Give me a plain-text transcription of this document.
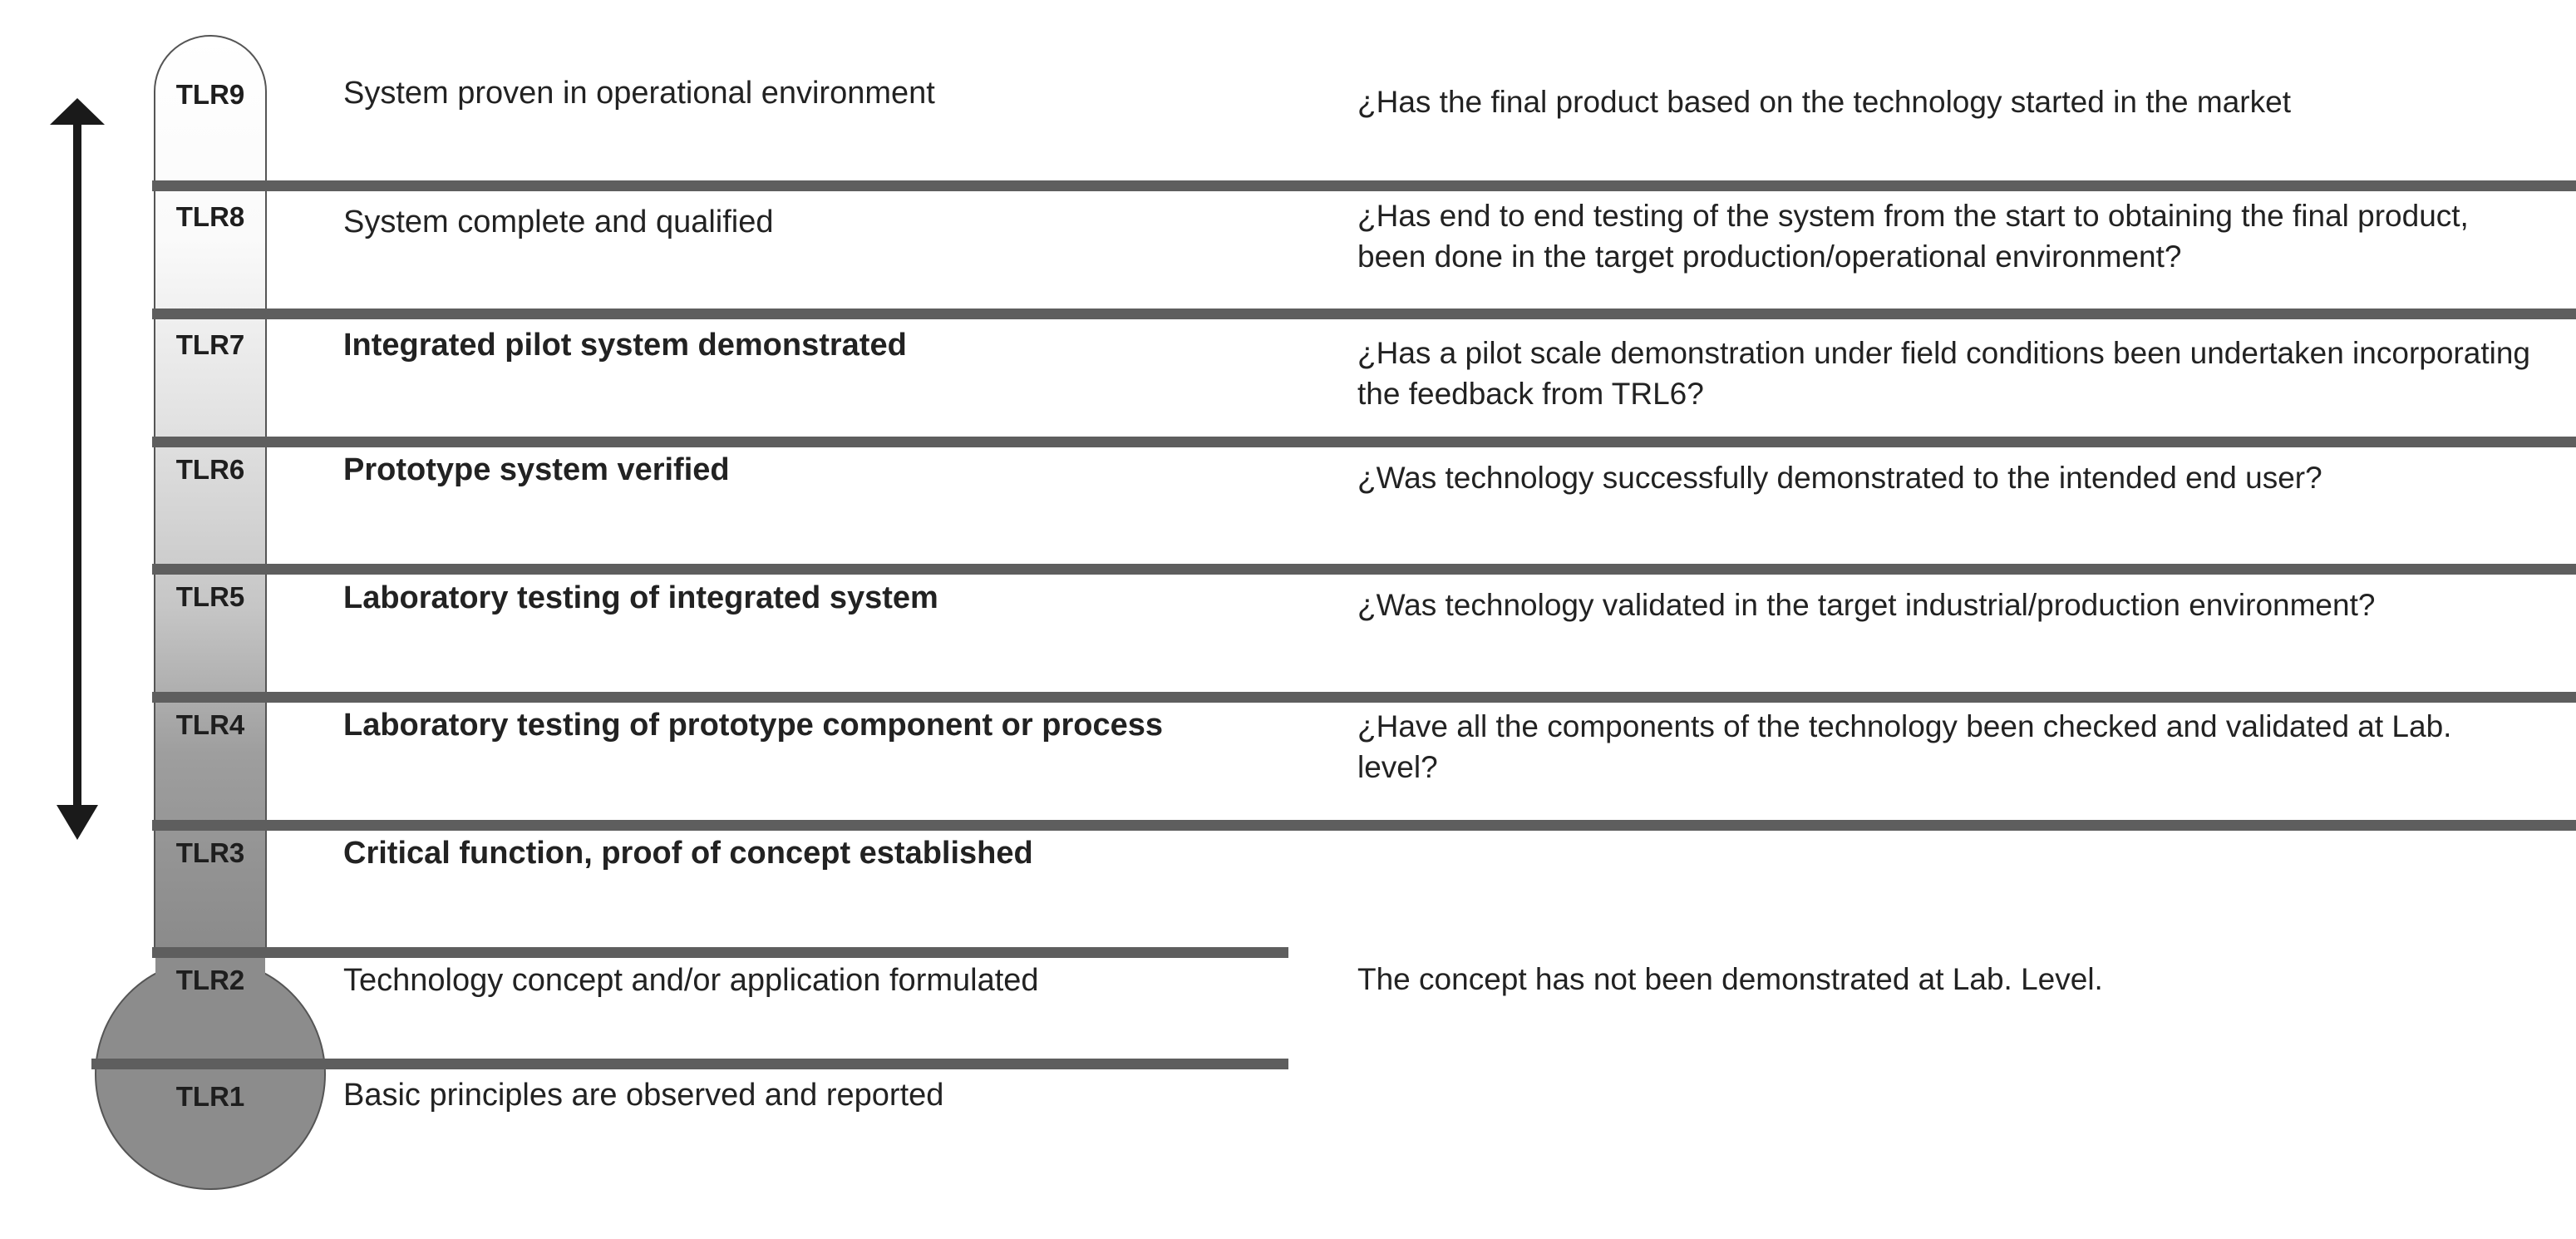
TLR9
TLR8
TLR7
TLR6
TLR5
TLR4
TLR3
TLR2
TLR1
System proven in operational environment
System complete and qualified
Integrated pilot system demonstrated
Prototype system verified
Laboratory testing of integrated system
Laboratory testing of prototype component or process
Critical function, proof of concept established
Technology concept and/or application formulated
Basic principles are observed and reported
¿Has the final product based on the technology started in the market
¿Has end to end testing of the system from the start to obtaining the final product, been done in the target production/operational environment?
¿Has a pilot scale demonstration under field conditions been undertaken incorporating the feedback from TRL6?
¿Was technology successfully demonstrated to the intended end user?
¿Was technology validated in the target industrial/production environment?
¿Have all the components of the technology been checked and validated at Lab. level?
The concept has not been demonstrated at Lab. Level.
